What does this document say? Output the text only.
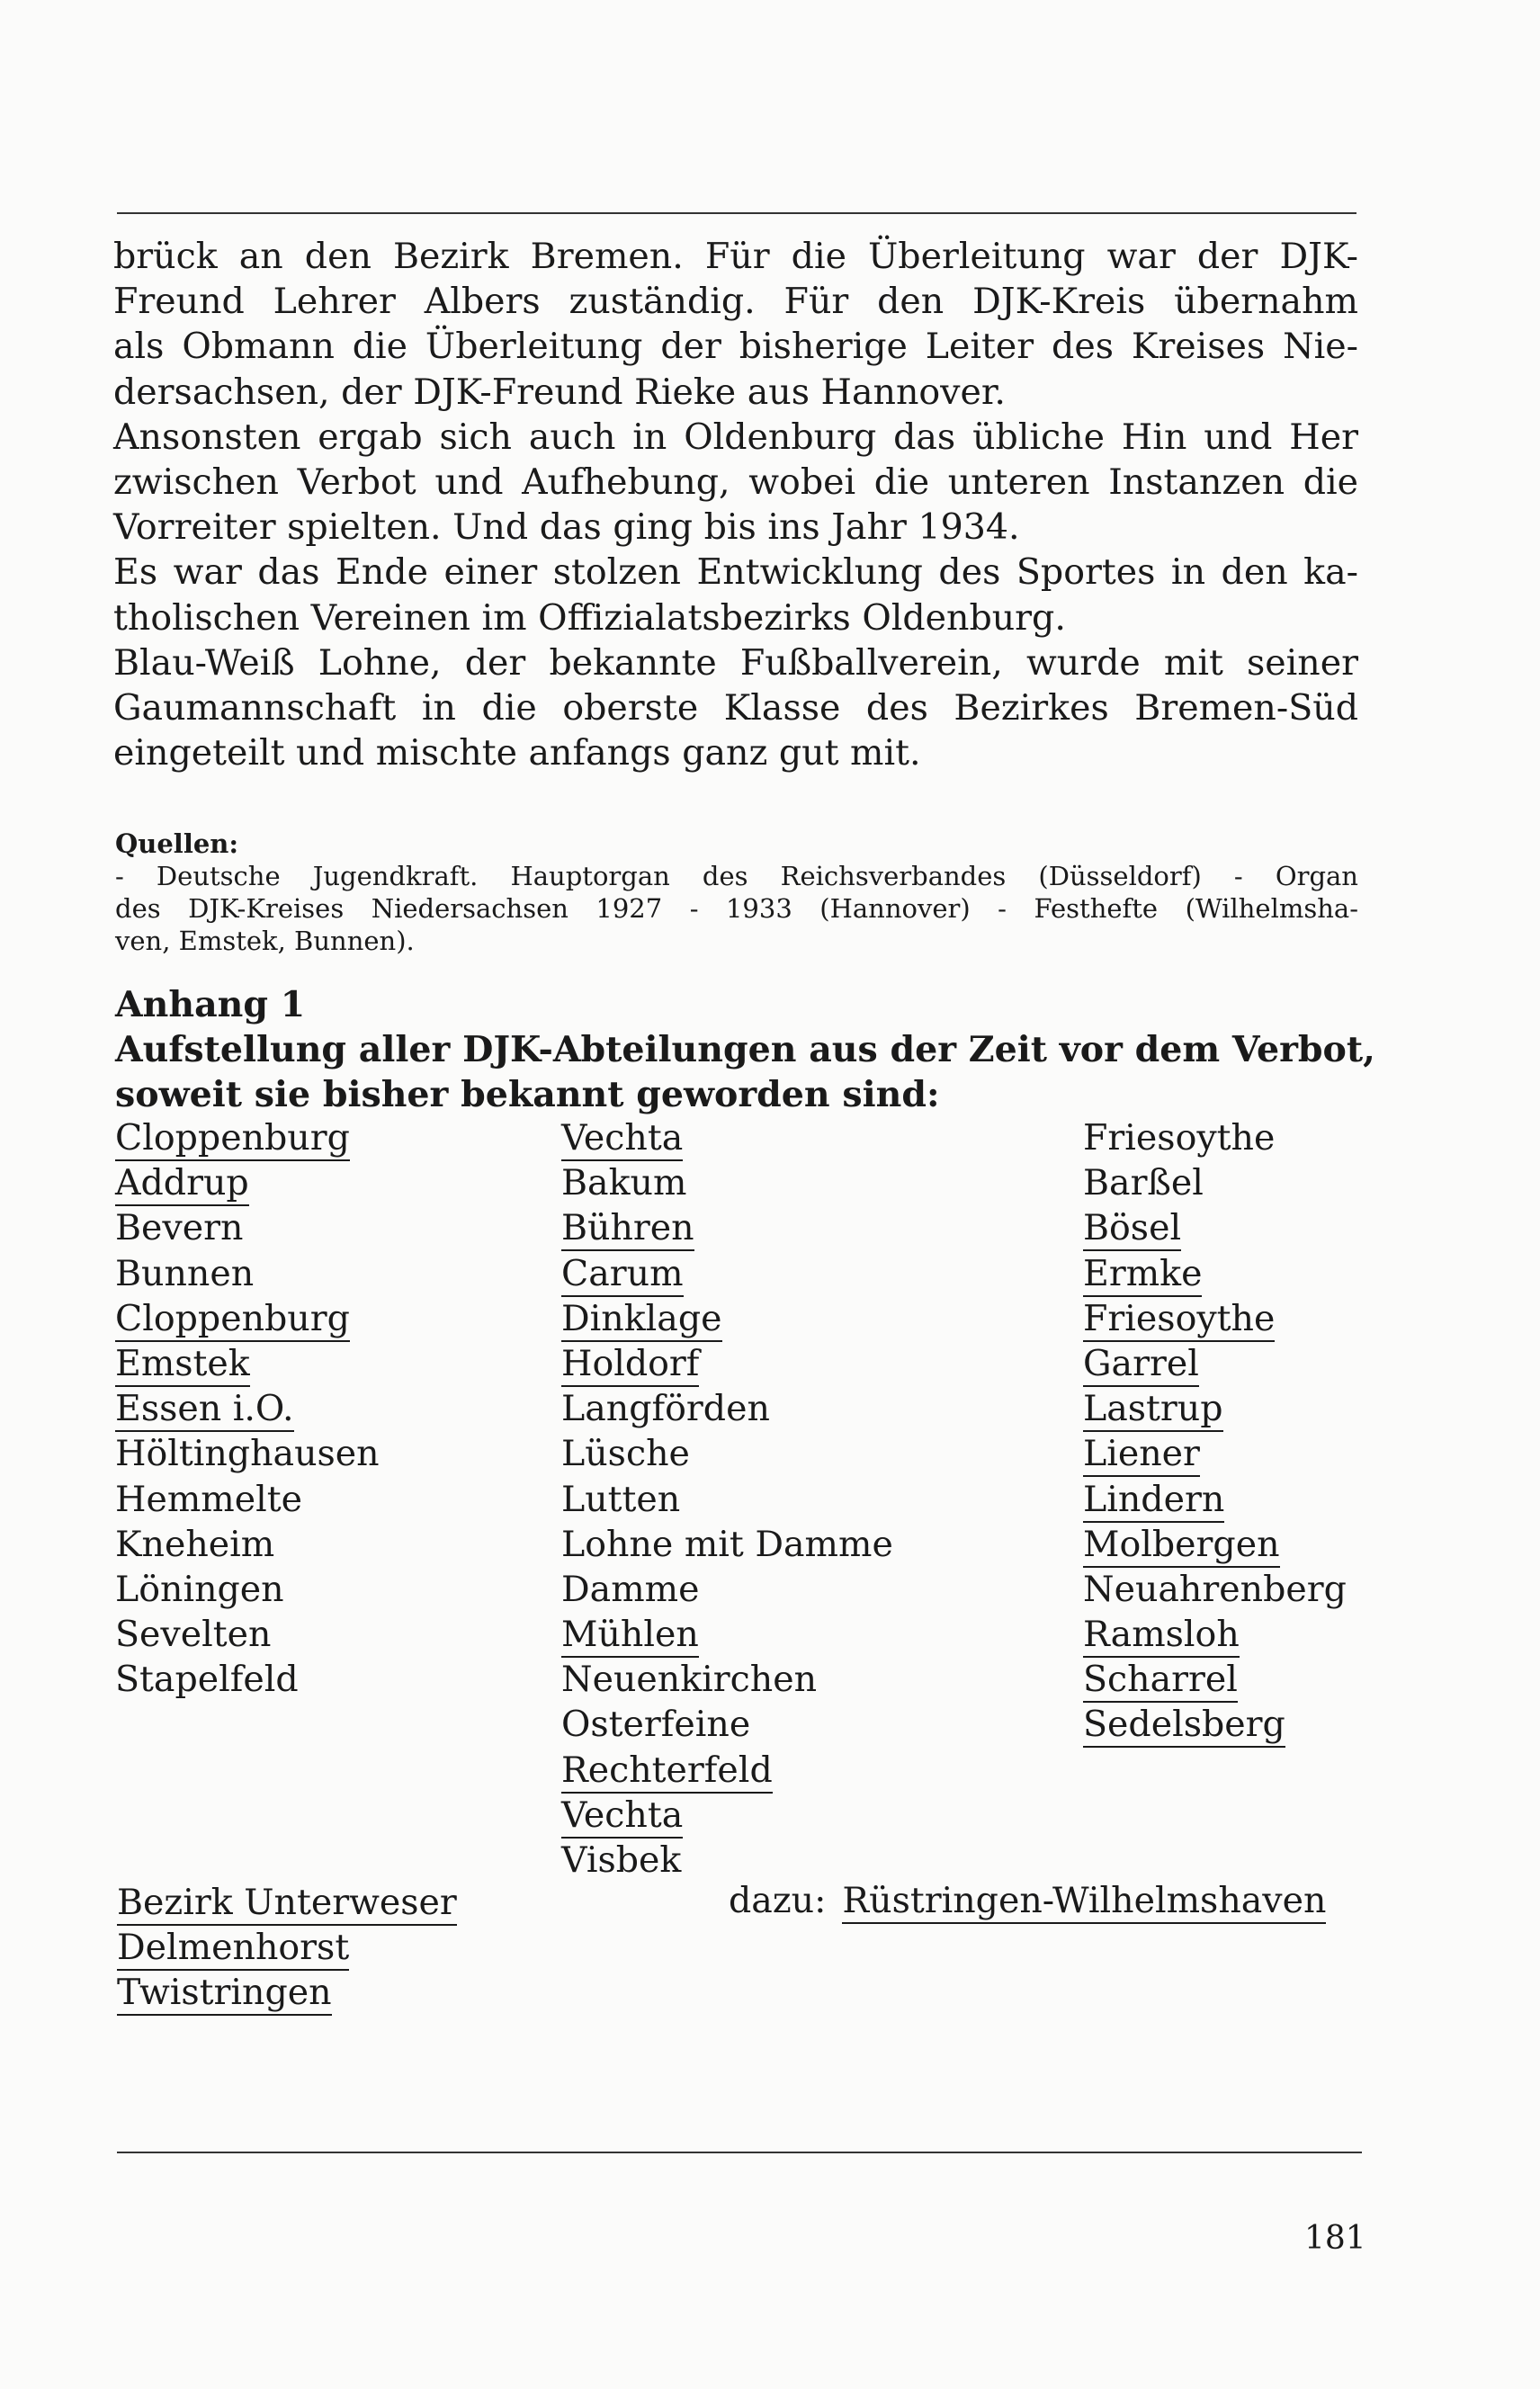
brück an den Bezirk Bremen. Für die Überleitung war der DJK-
Freund Lehrer Albers zuständig. Für den DJK-Kreis übernahm
als Obmann die Überleitung der bisherige Leiter des Kreises Nie-
dersachsen, der DJK-Freund Rieke aus Hannover.
Ansonsten ergab sich auch in Oldenburg das übliche Hin und Her
zwischen Verbot und Aufhebung, wobei die unteren Instanzen die
Vorreiter spielten. Und das ging bis ins Jahr 1934.
Es war das Ende einer stolzen Entwicklung des Sportes in den ka-
tholischen Vereinen im Offizialatsbezirks Oldenburg.
Blau-Weiß Lohne, der bekannte Fußballverein, wurde mit seiner
Gaumannschaft in die oberste Klasse des Bezirkes Bremen-Süd
eingeteilt und mischte anfangs ganz gut mit.
Quellen:
- Deutsche Jugendkraft. Hauptorgan des Reichsverbandes (Düsseldorf) - Organ
des DJK-Kreises Niedersachsen 1927 - 1933 (Hannover) - Festhefte (Wilhelmsha-
ven, Emstek, Bunnen).
Anhang 1
Aufstellung aller DJK-Abteilungen aus der Zeit vor dem Verbot,
soweit sie bisher bekannt geworden sind:
Cloppenburg
Addrup
Bevern
Bunnen
Cloppenburg
Emstek
Essen i.O.
Höltinghausen
Hemmelte
Kneheim
Löningen
Sevelten
Stapelfeld
Vechta
Bakum
Bühren
Carum
Dinklage
Holdorf
Langförden
Lüsche
Lutten
Lohne mit Damme
Damme
Mühlen
Neuenkirchen
Osterfeine
Rechterfeld
Vechta
Visbek
Friesoythe
Barßel
Bösel
Ermke
Friesoythe
Garrel
Lastrup
Liener
Lindern
Molbergen
Neuahrenberg
Ramsloh
Scharrel
Sedelsberg
Bezirk Unterweser
Delmenhorst
Twistringen
dazu: Rüstringen-Wilhelmshaven
181
